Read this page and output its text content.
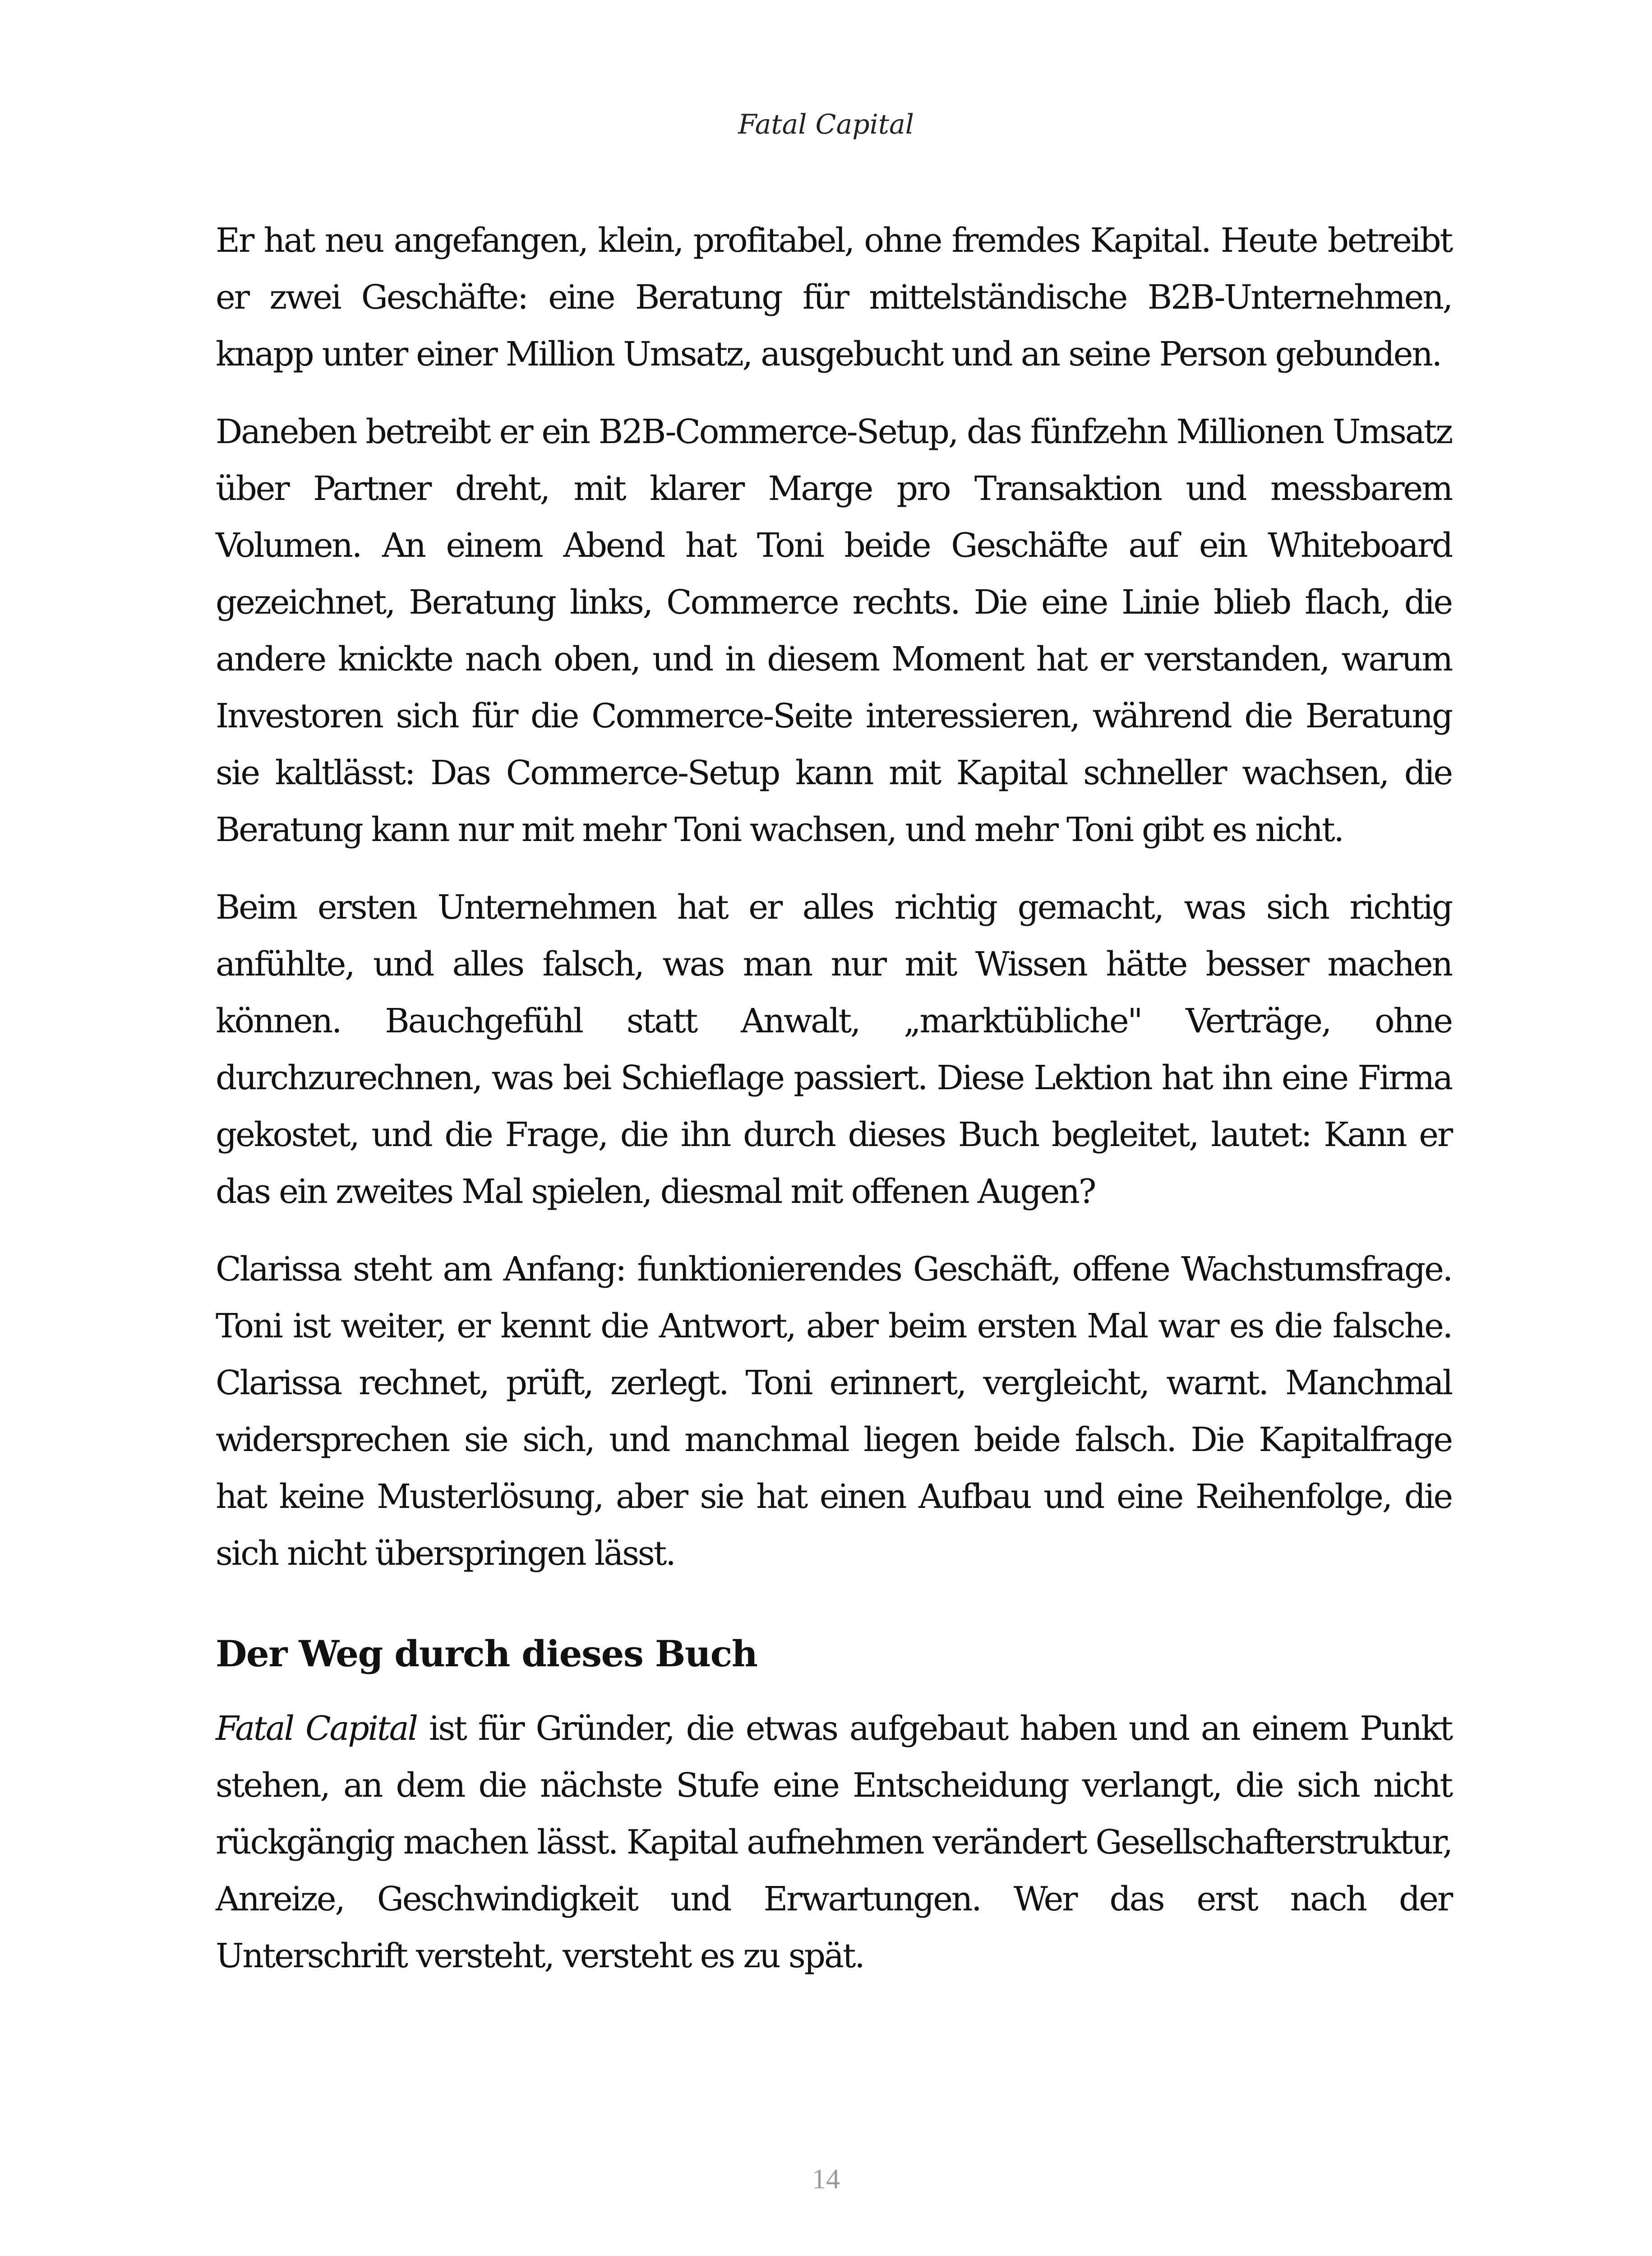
Fatal Capital

Er hat neu angefangen, klein, profitabel, ohne fremdes Kapital. Heute betreibt er zwei Geschäfte: eine Beratung für mittelständische B2B-Unternehmen, knapp unter einer Million Umsatz, ausgebucht und an seine Person gebunden.

Daneben betreibt er ein B2B-Commerce-Setup, das fünfzehn Millionen Umsatz über Partner dreht, mit klarer Marge pro Transaktion und messbarem Volumen. An einem Abend hat Toni beide Geschäfte auf ein Whiteboard gezeichnet, Beratung links, Commerce rechts. Die eine Linie blieb flach, die andere knickte nach oben, und in diesem Moment hat er verstanden, warum Investoren sich für die Commerce-Seite interessieren, während die Beratung sie kaltlässt: Das Commerce-Setup kann mit Kapital schneller wachsen, die Beratung kann nur mit mehr Toni wachsen, und mehr Toni gibt es nicht.

Beim ersten Unternehmen hat er alles richtig gemacht, was sich richtig anfühlte, und alles falsch, was man nur mit Wissen hätte besser machen können. Bauchgefühl statt Anwalt, „marktübliche" Verträge, ohne durchzurechnen, was bei Schieflage passiert. Diese Lektion hat ihn eine Firma gekostet, und die Frage, die ihn durch dieses Buch begleitet, lautet: Kann er das ein zweites Mal spielen, diesmal mit offenen Augen?

Clarissa steht am Anfang: funktionierendes Geschäft, offene Wachstumsfrage. Toni ist weiter, er kennt die Antwort, aber beim ersten Mal war es die falsche. Clarissa rechnet, prüft, zerlegt. Toni erinnert, vergleicht, warnt. Manchmal widersprechen sie sich, und manchmal liegen beide falsch. Die Kapitalfrage hat keine Musterlösung, aber sie hat einen Aufbau und eine Reihenfolge, die sich nicht überspringen lässt.

Der Weg durch dieses Buch

Fatal Capital ist für Gründer, die etwas aufgebaut haben und an einem Punkt stehen, an dem die nächste Stufe eine Entscheidung verlangt, die sich nicht rückgängig machen lässt. Kapital aufnehmen verändert Gesellschafterstruktur, Anreize, Geschwindigkeit und Erwartungen. Wer das erst nach der Unterschrift versteht, versteht es zu spät.

14
